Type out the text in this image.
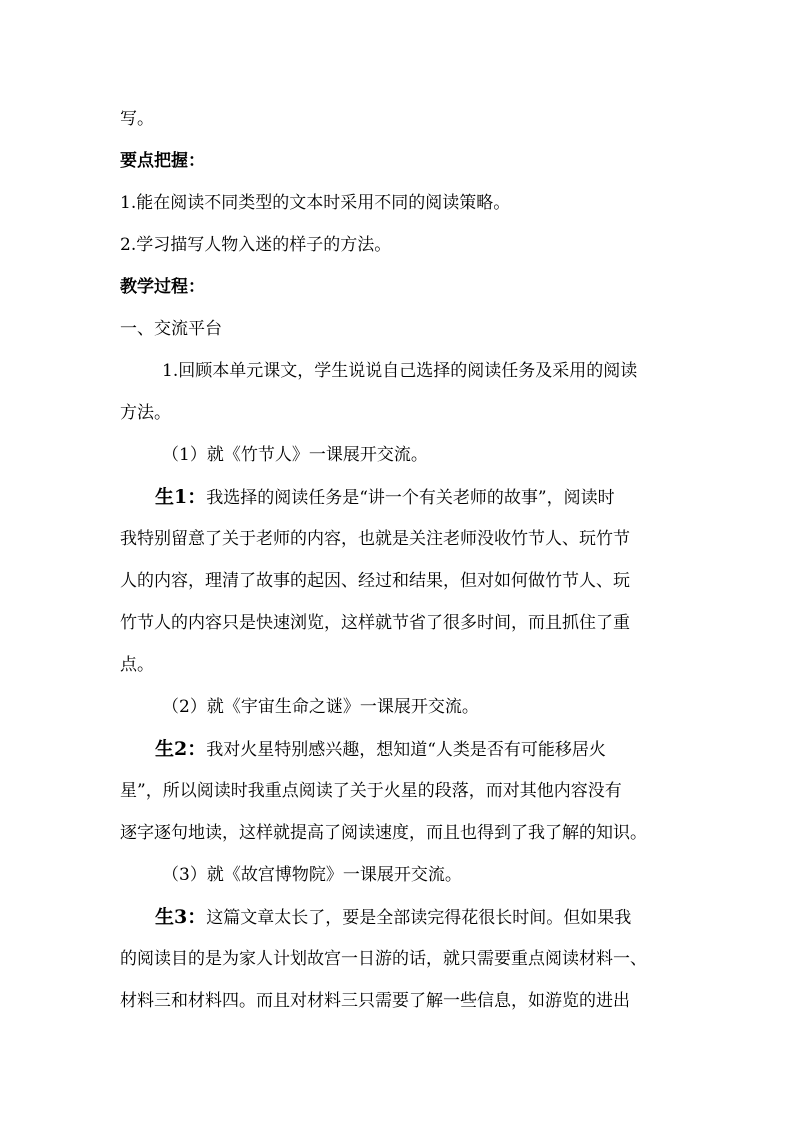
写。
要点把握：
1.能在阅读不同类型的文本时采用不同的阅读策略。
2.学习描写人物入迷的样子的方法。
教学过程：
一、交流平台
1.回顾本单元课文，学生说说自己选择的阅读任务及采用的阅读
方法。
（1）就《竹节人》一课展开交流。
生1：我选择的阅读任务是“讲一个有关老师的故事”，阅读时
我特别留意了关于老师的内容，也就是关注老师没收竹节人、玩竹节
人的内容，理清了故事的起因、经过和结果，但对如何做竹节人、玩
竹节人的内容只是快速浏览，这样就节省了很多时间，而且抓住了重
点。
（2）就《宇宙生命之谜》一课展开交流。
生2：我对火星特别感兴趣，想知道“人类是否有可能移居火
星”，所以阅读时我重点阅读了关于火星的段落，而对其他内容没有
逐字逐句地读，这样就提高了阅读速度，而且也得到了我了解的知识。
（3）就《故宫博物院》一课展开交流。
生3：这篇文章太长了，要是全部读完得花很长时间。但如果我
的阅读目的是为家人计划故宫一日游的话，就只需要重点阅读材料一、
材料三和材料四。而且对材料三只需要了解一些信息，如游览的进出
